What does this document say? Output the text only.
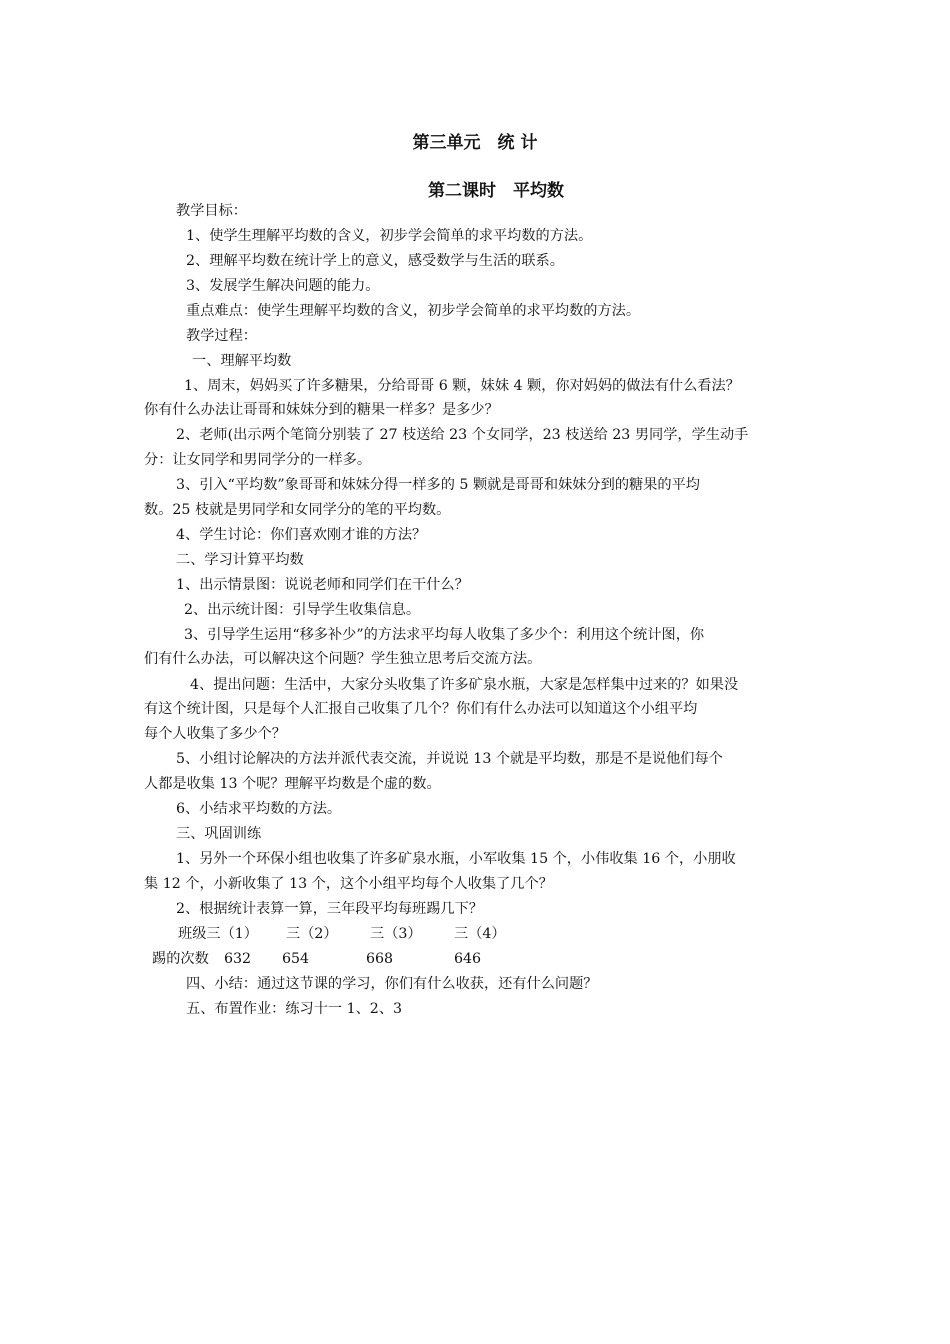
第三单元　统 计
第二课时　平均数
教学目标：
1、使学生理解平均数的含义，初步学会简单的求平均数的方法。
2、理解平均数在统计学上的意义，感受数学与生活的联系。
3、发展学生解决问题的能力。
重点难点：使学生理解平均数的含义，初步学会简单的求平均数的方法。
教学过程：
一、理解平均数
1、周末，妈妈买了许多糖果，分给哥哥 6 颗，妹妹 4 颗，你对妈妈的做法有什么看法？
你有什么办法让哥哥和妹妹分到的糖果一样多？是多少？
2、老师(出示两个笔筒分别装了 27 枝送给 23 个女同学，23 枝送给 23 男同学，学生动手
分：让女同学和男同学分的一样多。
3、引入“平均数”象哥哥和妹妹分得一样多的 5 颗就是哥哥和妹妹分到的糖果的平均
数。25 枝就是男同学和女同学分的笔的平均数。
4、学生讨论：你们喜欢刚才谁的方法？
二、学习计算平均数
1、出示情景图：说说老师和同学们在干什么？
2、出示统计图：引导学生收集信息。
3、引导学生运用“移多补少”的方法求平均每人收集了多少个：利用这个统计图，你
们有什么办法，可以解决这个问题？学生独立思考后交流方法。
4、提出问题：生活中，大家分头收集了许多矿泉水瓶，大家是怎样集中过来的？如果没
有这个统计图，只是每个人汇报自己收集了几个？你们有什么办法可以知道这个小组平均
每个人收集了多少个？
5、小组讨论解决的方法并派代表交流，并说说 13 个就是平均数，那是不是说他们每个
人都是收集 13 个呢？理解平均数是个虚的数。
6、小结求平均数的方法。
三、巩固训练
1、另外一个环保小组也收集了许多矿泉水瓶，小军收集 15 个，小伟收集 16 个，小朋收
集 12 个，小新收集了 13 个，这个小组平均每个人收集了几个？
2、根据统计表算一算，三年段平均每班踢几下？

班级三（1）

三（2）

三（3）

三（4）

踢的次数

632

654

	668

	646

四、小结：通过这节课的学习，你们有什么收获，还有什么问题？
五、布置作业：练习十一 1、2、3
